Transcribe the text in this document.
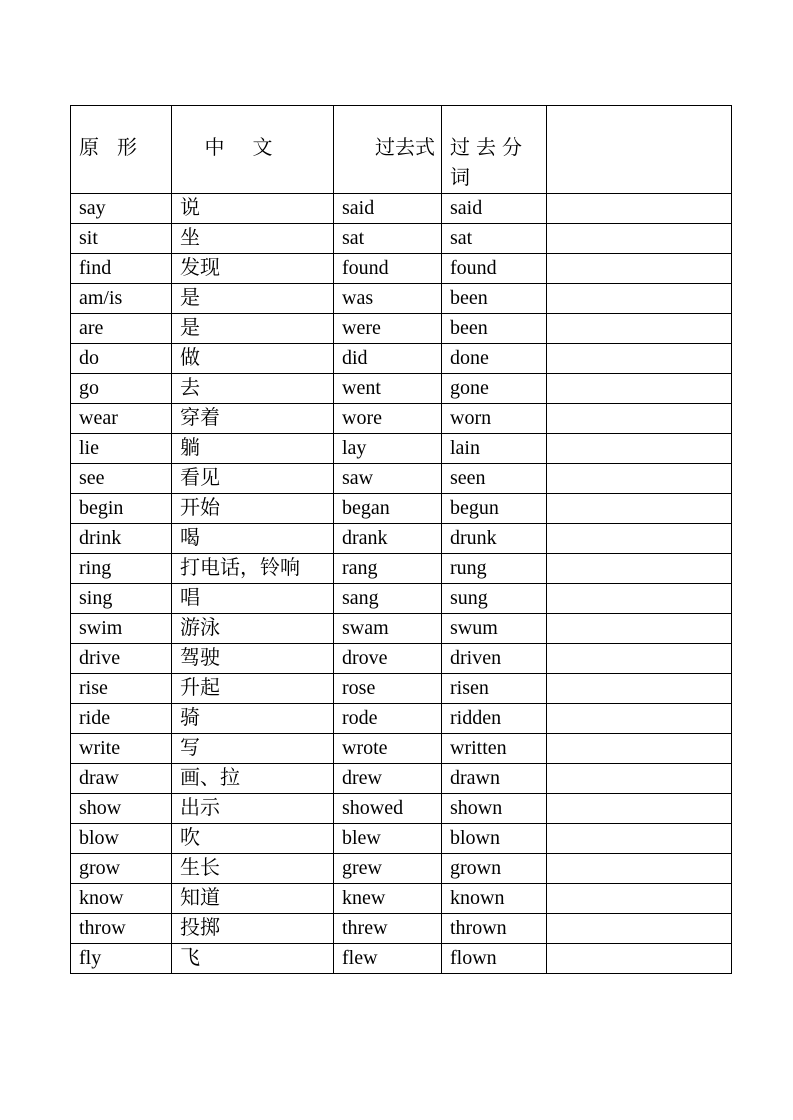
原形	中文	过去式	过去分词	
say	说	said	said	
sit	坐	sat	sat	
find	发现	found	found	
am/is	是	was	been	
are	是	were	been	
do	做	did	done	
go	去	went	gone	
wear	穿着	wore	worn	
lie	躺	lay	lain	
see	看见	saw	seen	
begin	开始	began	begun	
drink	喝	drank	drunk	
ring	打电话，铃响	rang	rung	
sing	唱	sang	sung	
swim	游泳	swam	swum	
drive	驾驶	drove	driven	
rise	升起	rose	risen	
ride	骑	rode	ridden	
write	写	wrote	written	
draw	画、拉	drew	drawn	
show	出示	showed	shown	
blow	吹	blew	blown	
grow	生长	grew	grown	
know	知道	knew	known	
throw	投掷	threw	thrown	
fly	飞	flew	flown	
